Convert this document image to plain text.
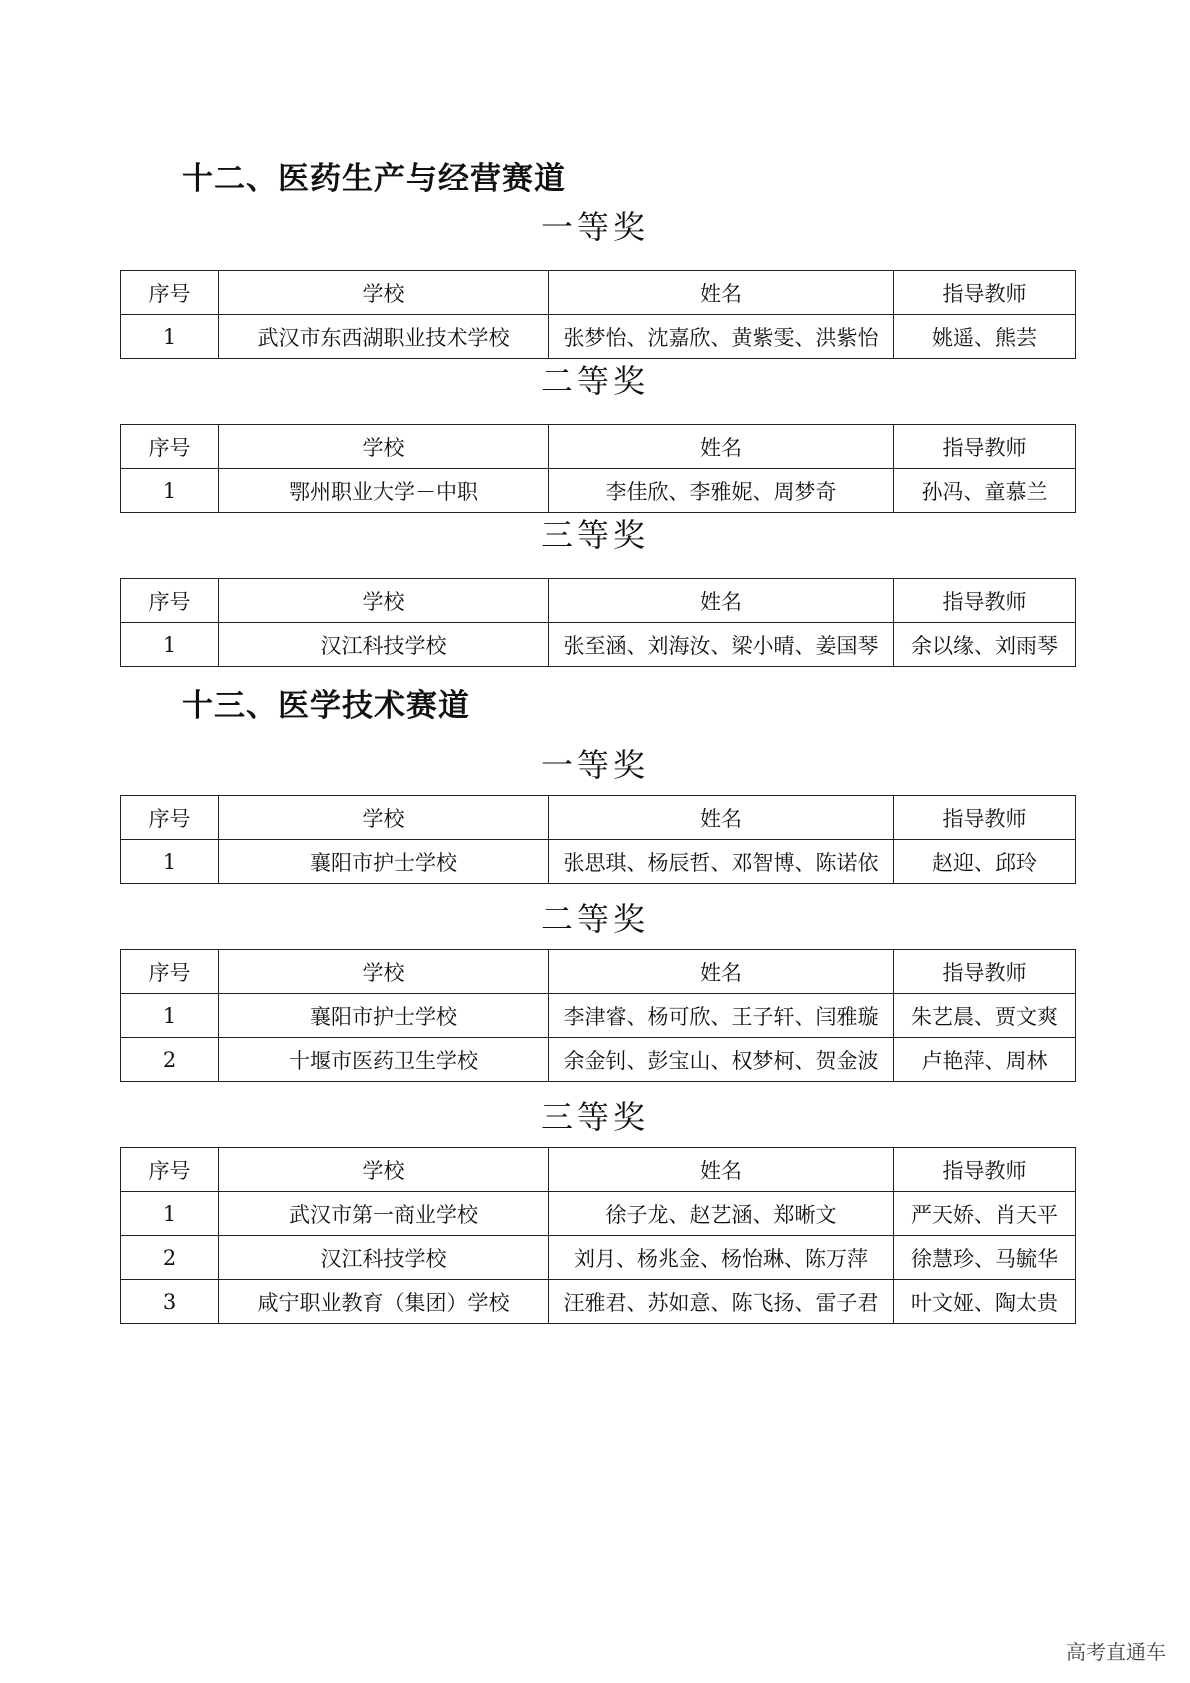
十二、医药生产与经营赛道
一等奖
序号	学校	姓名	指导教师
1	武汉市东西湖职业技术学校	张梦怡、沈嘉欣、黄紫雯、洪紫怡	姚遥、熊芸
二等奖
序号	学校	姓名	指导教师
1	鄂州职业大学－中职	李佳欣、李雅妮、周梦奇	孙冯、童慕兰
三等奖
序号	学校	姓名	指导教师
1	汉江科技学校	张至涵、刘海汝、梁小晴、姜国琴	余以缘、刘雨琴
十三、医学技术赛道
一等奖
序号	学校	姓名	指导教师
1	襄阳市护士学校	张思琪、杨辰哲、邓智博、陈诺依	赵迎、邱玲
二等奖
序号	学校	姓名	指导教师
1	襄阳市护士学校	李津睿、杨可欣、王子轩、闫雅璇	朱艺晨、贾文爽
2	十堰市医药卫生学校	余金钊、彭宝山、权梦柯、贺金波	卢艳萍、周林
三等奖
序号	学校	姓名	指导教师
1	武汉市第一商业学校	徐子龙、赵艺涵、郑晰文	严天娇、肖天平
2	汉江科技学校	刘月、杨兆金、杨怡琳、陈万萍	徐慧珍、马毓华
3	咸宁职业教育（集团）学校	汪雅君、苏如意、陈飞扬、雷子君	叶文娅、陶太贵
高考直通车
